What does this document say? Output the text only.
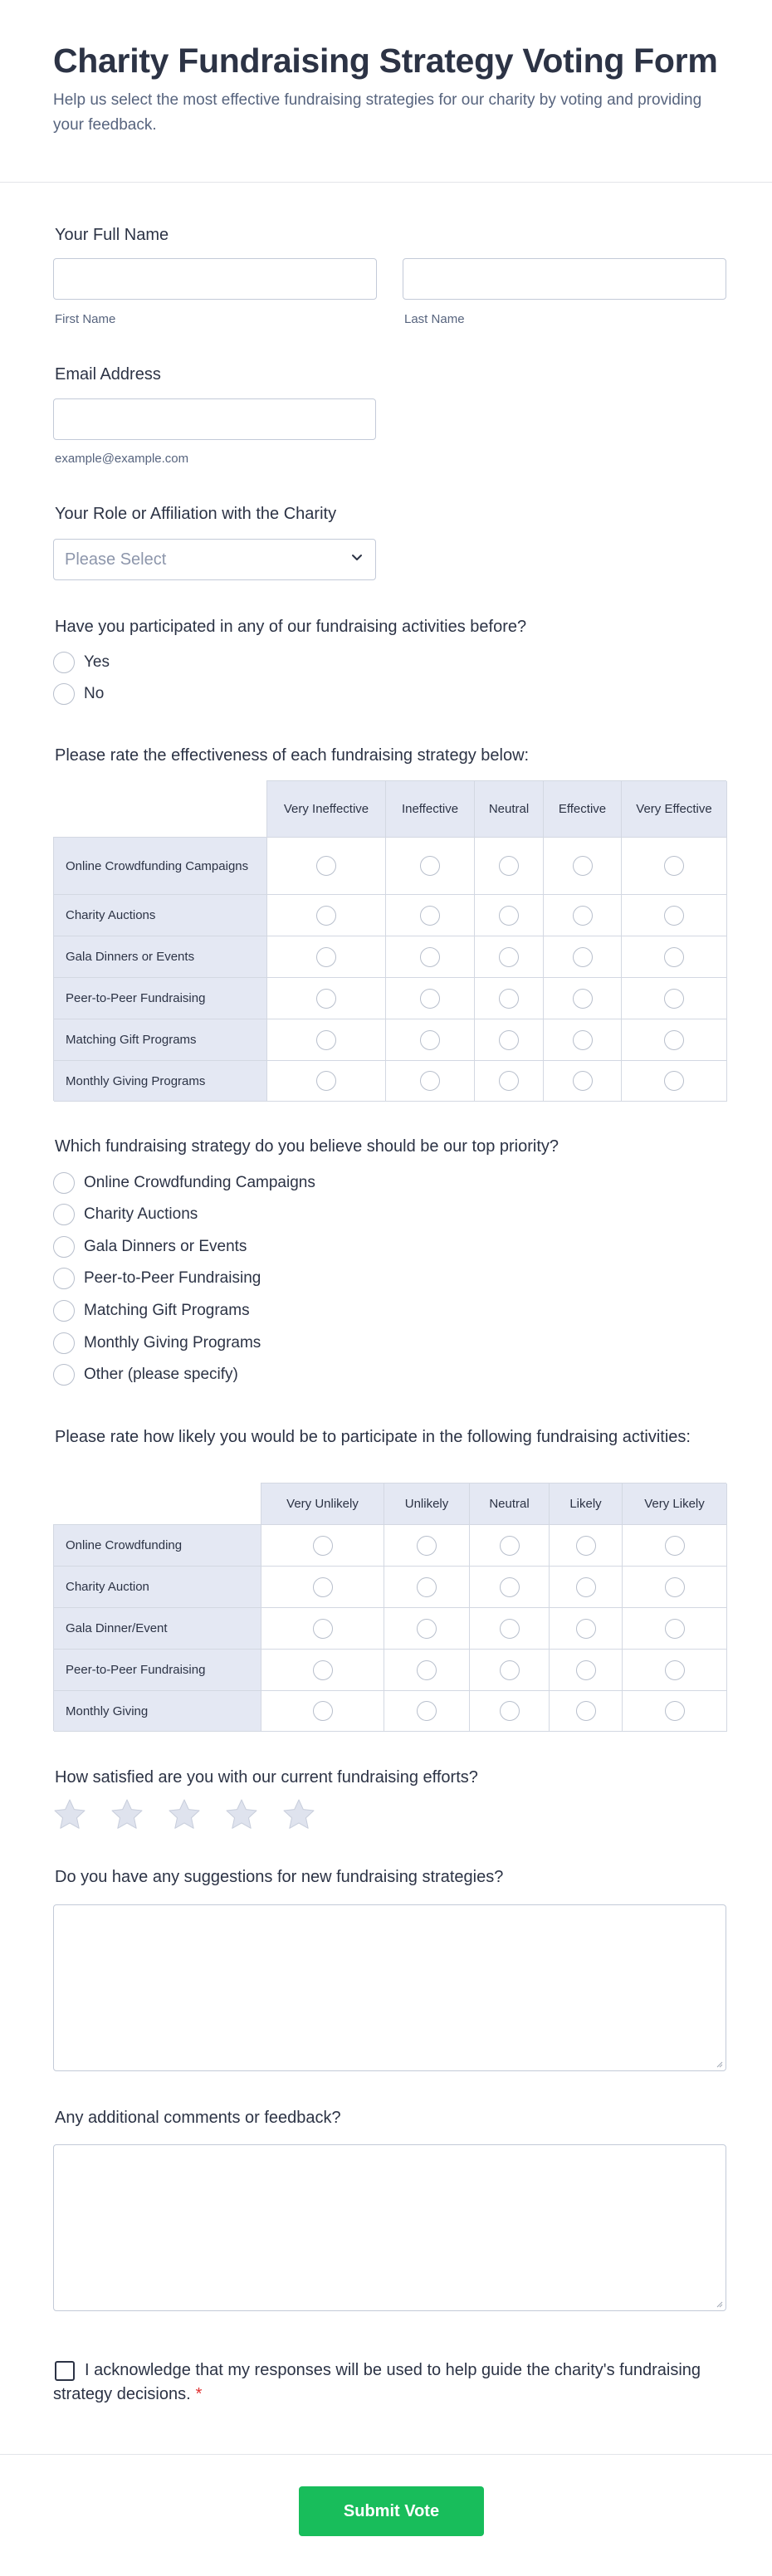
Charity Fundraising Strategy Voting Form

Help us select the most effective fundraising strategies for our charity by voting and providing your feedback.

Your Full Name
First Name	Last Name
Email Address
example@example.com
Your Role or Affiliation with the Charity
Please Select
Have you participated in any of our fundraising activities before?
Yes
No
Please rate the effectiveness of each fundraising strategy below:
Very Ineffective	Ineffective	Neutral	Effective	Very Effective
Online Crowdfunding Campaigns
Charity Auctions
Gala Dinners or Events
Peer-to-Peer Fundraising
Matching Gift Programs
Monthly Giving Programs
Which fundraising strategy do you believe should be our top priority?
Online Crowdfunding Campaigns
Charity Auctions
Gala Dinners or Events
Peer-to-Peer Fundraising
Matching Gift Programs
Monthly Giving Programs
Other (please specify)
Please rate how likely you would be to participate in the following fundraising activities:
Very Unlikely	Unlikely	Neutral	Likely	Very Likely
Online Crowdfunding
Charity Auction
Gala Dinner/Event
Peer-to-Peer Fundraising
Monthly Giving
How satisfied are you with our current fundraising efforts?
Do you have any suggestions for new fundraising strategies?
Any additional comments or feedback?
I acknowledge that my responses will be used to help guide the charity's fundraising strategy decisions. *
Submit Vote
